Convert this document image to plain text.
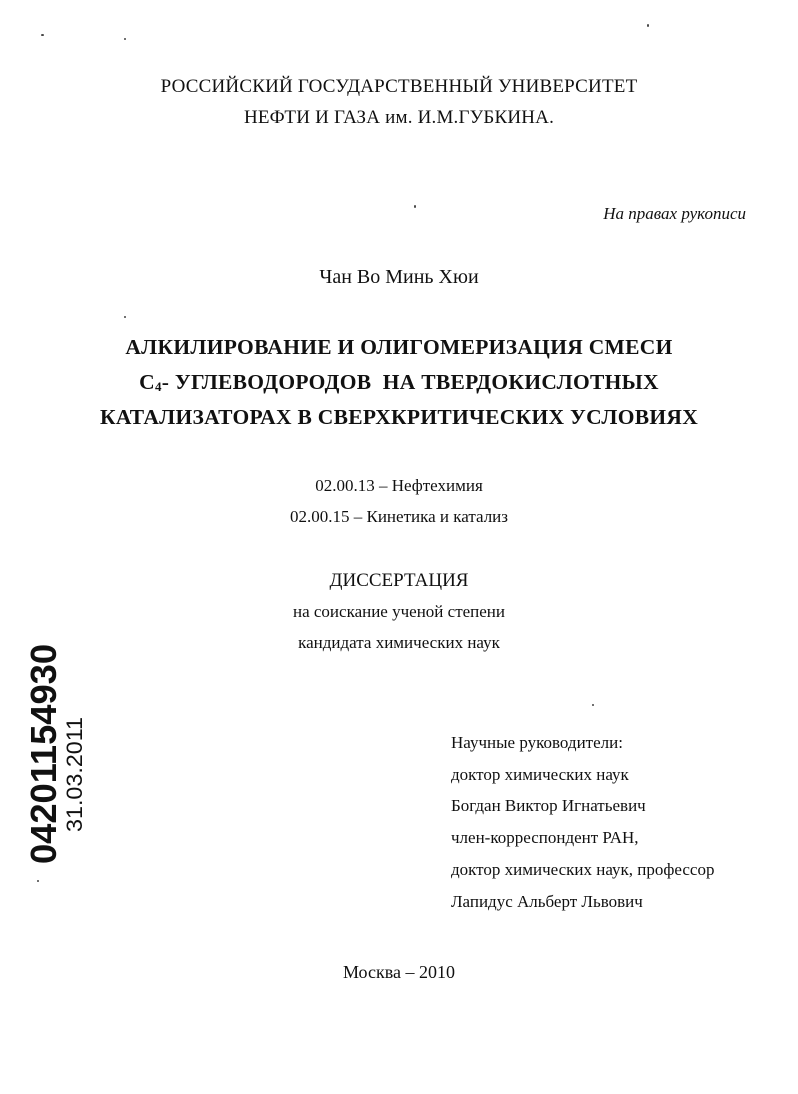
РОССИЙСКИЙ ГОСУДАРСТВЕННЫЙ УНИВЕРСИТЕТ
НЕФТИ И ГАЗА им. И.М.ГУБКИНА.
На правах рукописи
Чан Во Минь Хюи
АЛКИЛИРОВАНИЕ И ОЛИГОМЕРИЗАЦИЯ СМЕСИ
$С_4-$ УГЛЕВОДОРОДОВ  НА ТВЕРДОКИСЛОТНЫХ
КАТАЛИЗАТОРАХ В СВЕРХКРИТИЧЕСКИХ УСЛОВИЯХ
02.00.13 – Нефтехимия
02.00.15 – Кинетика и катализ
ДИССЕРТАЦИЯ
на соискание ученой степени
кандидата химических наук
Научные руководители:
доктор химических наук
Богдан Виктор Игнатьевич
член-корреспондент РАН,
доктор химических наук, профессор
Лапидус Альберт Львович
Москва – 2010
04201154930
31.03.2011
